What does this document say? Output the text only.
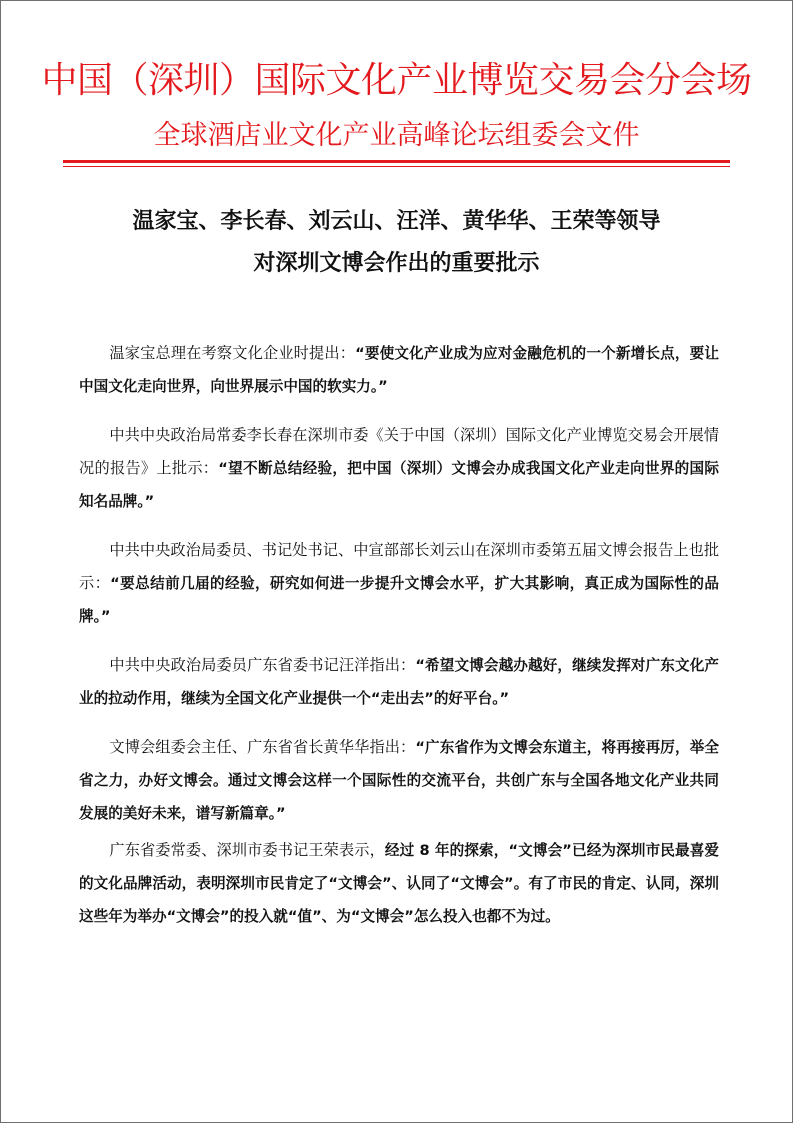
中国（深圳）国际文化产业博览交易会分会场
全球酒店业文化产业高峰论坛组委会文件
温家宝、李长春、刘云山、汪洋、黄华华、王荣等领导
对深圳文博会作出的重要批示

温家宝总理在考察文化企业时提出：“要使文化产业成为应对金融危机的一个新增长点，要让中国文化走向世界，向世界展示中国的软实力。”

中共中央政治局常委李长春在深圳市委《关于中国（深圳）国际文化产业博览交易会开展情况的报告》上批示：“望不断总结经验，把中国（深圳）文博会办成我国文化产业走向世界的国际知名品牌。”

中共中央政治局委员、书记处书记、中宣部部长刘云山在深圳市委第五届文博会报告上也批示：“要总结前几届的经验，研究如何进一步提升文博会水平，扩大其影响，真正成为国际性的品牌。”

中共中央政治局委员广东省委书记汪洋指出：“希望文博会越办越好，继续发挥对广东文化产业的拉动作用，继续为全国文化产业提供一个“走出去”的好平台。”

文博会组委会主任、广东省省长黄华华指出：“广东省作为文博会东道主，将再接再厉，举全省之力，办好文博会。通过文博会这样一个国际性的交流平台，共创广东与全国各地文化产业共同发展的美好未来，谱写新篇章。”

广东省委常委、深圳市委书记王荣表示，经过 8 年的探索，“文博会”已经为深圳市民最喜爱的文化品牌活动，表明深圳市民肯定了“文博会”、认同了“文博会”。有了市民的肯定、认同，深圳这些年为举办“文博会”的投入就“值”、为“文博会”怎么投入也都不为过。
